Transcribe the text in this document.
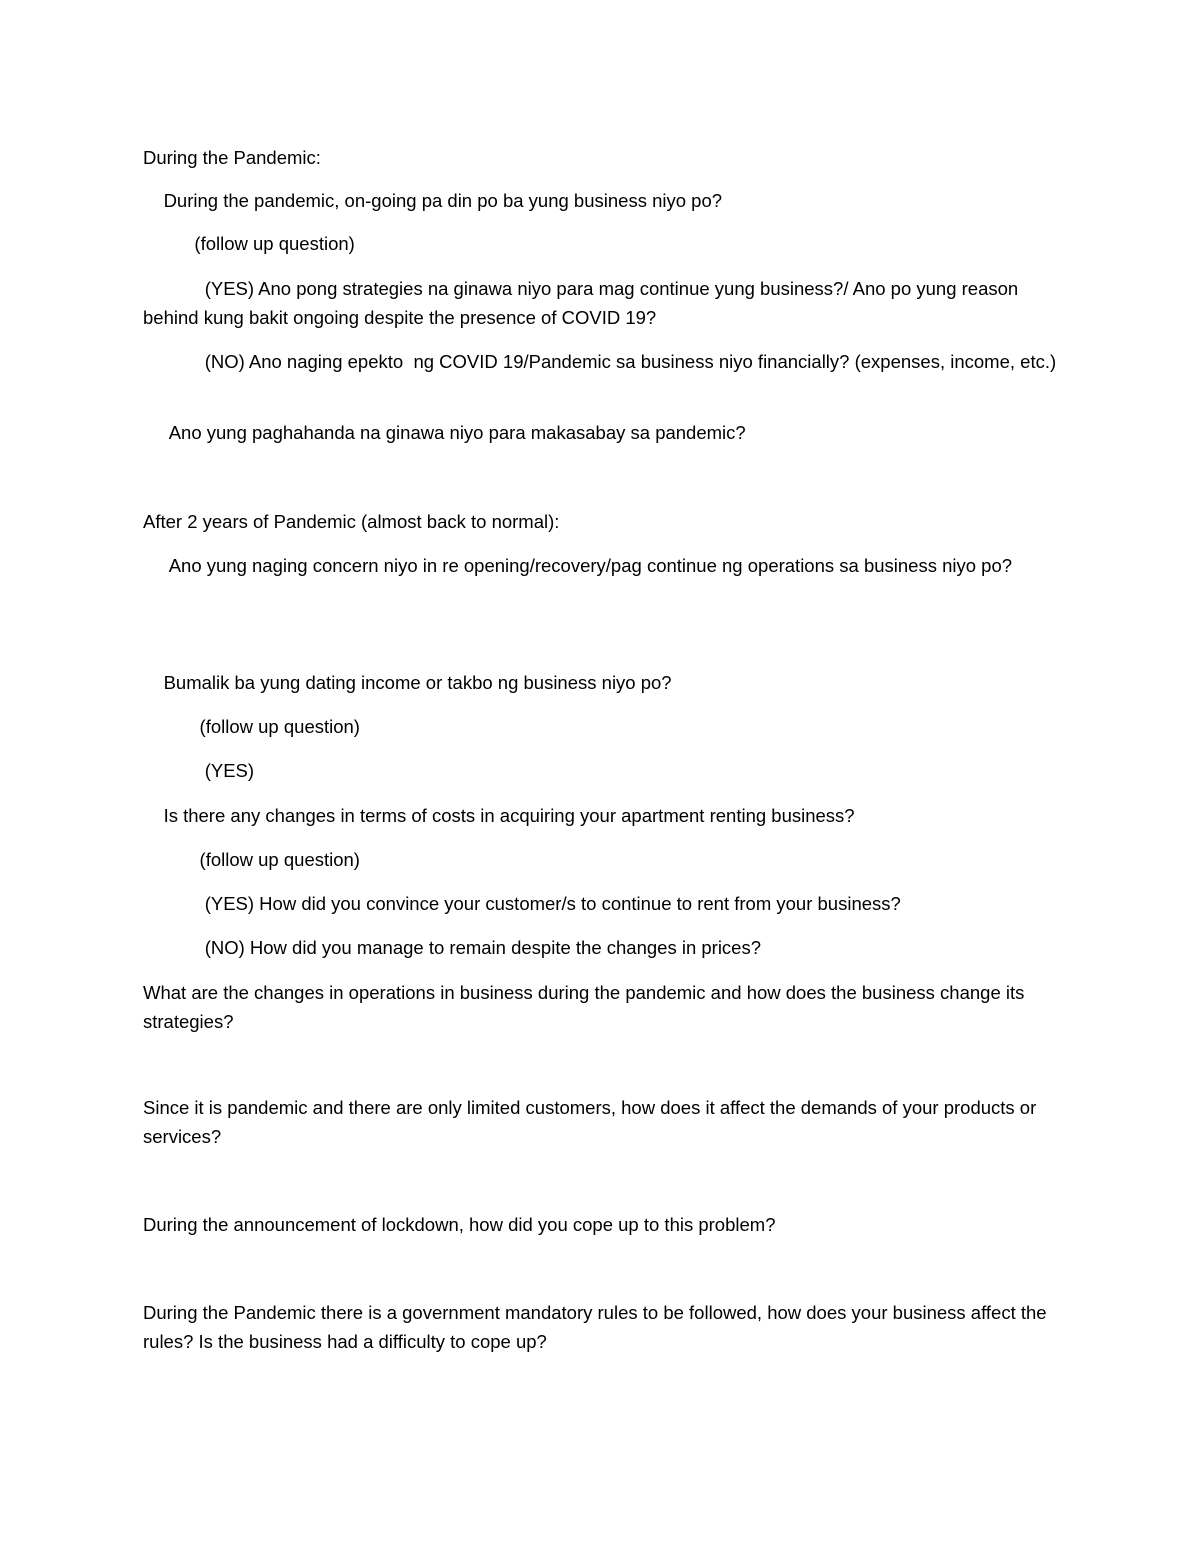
During the Pandemic:

During the pandemic, on-going pa din po ba yung business niyo po?

(follow up question)

(YES) Ano pong strategies na ginawa niyo para mag continue yung business?/ Ano po yung reason behind kung bakit ongoing despite the presence of COVID 19?

(NO) Ano naging epekto  ng COVID 19/Pandemic sa business niyo financially? (expenses, income, etc.)

Ano yung paghahanda na ginawa niyo para makasabay sa pandemic?

After 2 years of Pandemic (almost back to normal):

Ano yung naging concern niyo in re opening/recovery/pag continue ng operations sa business niyo po?

Bumalik ba yung dating income or takbo ng business niyo po?

(follow up question)

(YES)

Is there any changes in terms of costs in acquiring your apartment renting business?

(follow up question)

(YES) How did you convince your customer/s to continue to rent from your business?

(NO) How did you manage to remain despite the changes in prices?

What are the changes in operations in business during the pandemic and how does the business change its strategies?

Since it is pandemic and there are only limited customers, how does it affect the demands of your products or services?

During the announcement of lockdown, how did you cope up to this problem?

During the Pandemic there is a government mandatory rules to be followed, how does your business affect the rules? Is the business had a difficulty to cope up?
